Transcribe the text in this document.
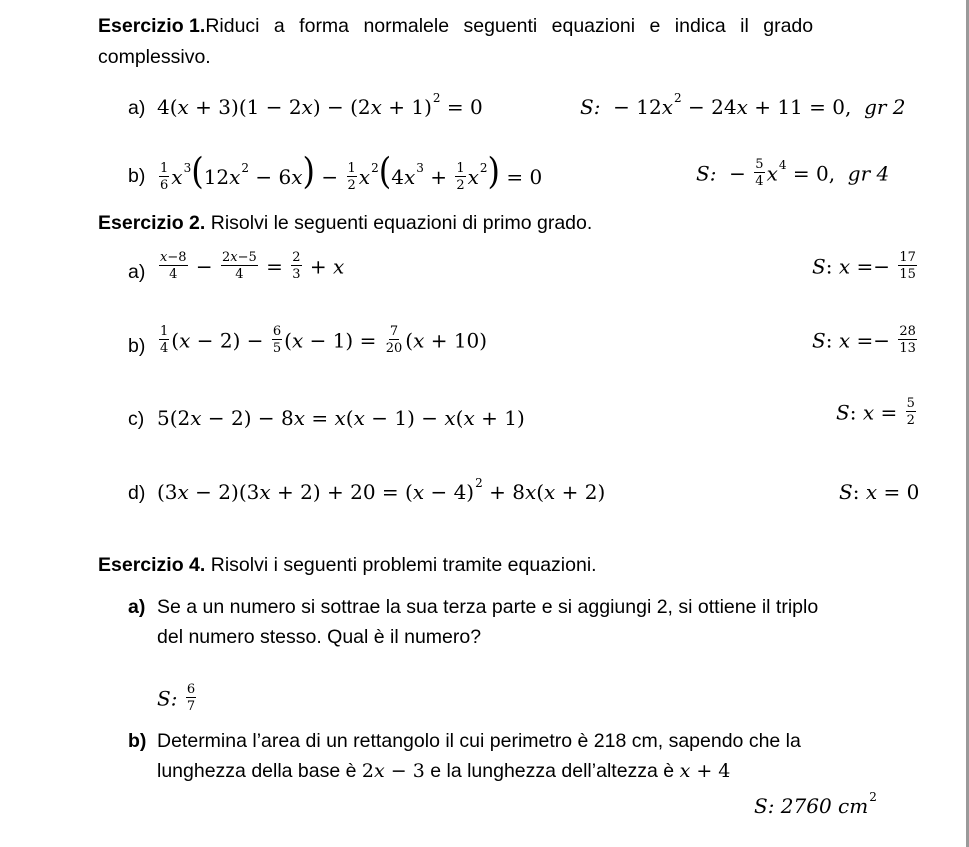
Esercizio 1.Riduci a forma normalele seguenti equazioni e indica il grado
complessivo.
a) $4(x + 3)(1 - 2x) - (2x + 1)^2 = 0$	S:  − $12x^2 - 24x + 11 = 0$,  gr 2
$b) \frac{1}{6} x^3(12x^2 - 6x) - \frac{1}{2} x^2(4x^3 + \frac{1}{2} x^2) = 0$	S:  − $\frac{5}{4} x^4 = 0$,  gr 4
Esercizio 2. Risolvi le seguenti equazioni di primo grado.
$a) \frac{x-8}{4} - \frac{2x-5}{4} = \frac{2}{3} + x$	S: $x =- \frac{17}{15}$
$b) \frac{1}{4} (x - 2) - \frac{6}{5} (x - 1) = \frac{7}{20} (x + 10)$	S: $x =- \frac{28}{13}$
c) 5(2x − 2) − 8x = x(x − 1) − x(x + 1)	S: $x = \frac{5}{2}$
d) $(3x - 2)(3x + 2) + 20 = (x - 4)^2 + 8x(x + 2)$	S: x = 0
Esercizio 4. Risolvi i seguenti problemi tramite equazioni.
a) Se a un numero si sottrae la sua terza parte e si aggiungi 2, si ottiene il triplo
del numero stesso. Qual è il numero?
S: $\frac{6}{7}$
b) Determina l’area di un rettangolo il cui perimetro è 218 cm, sapendo che la
lunghezza della base è 2x − 3 e la lunghezza dell’altezza è x + 4
S: 2760 $cm^2$
